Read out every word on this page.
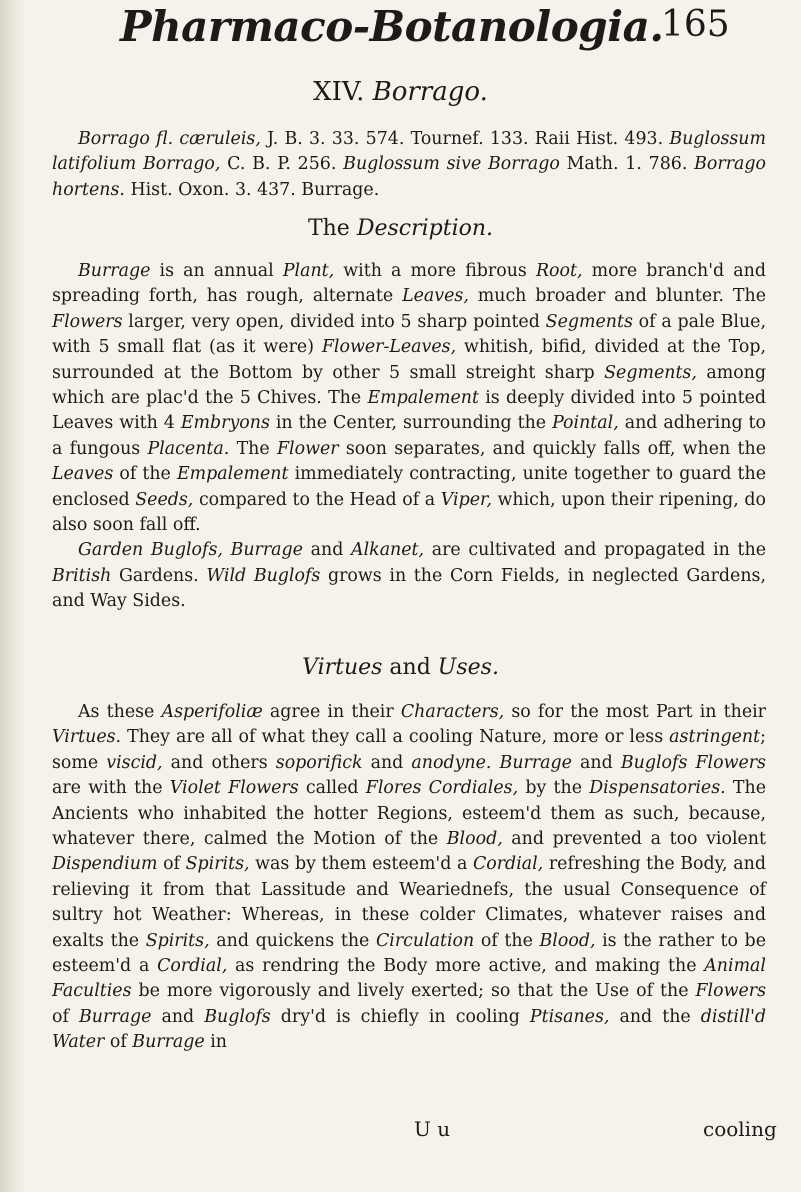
Pharmaco-Botanologia.
165
XIV. Borrago.

Borrago fl. cæruleis, J. B. 3. 33. 574. Tournef. 133. Raii Hist. 493. Buglossum latifolium Borrago, C. B. P. 256. Buglossum sive Borrago Math. 1. 786. Borrago hortens. Hist. Oxon. 3. 437. Burrage.

The Description.

Burrage is an annual Plant, with a more fibrous Root, more branch'd and spreading forth, has rough, alternate Leaves, much broader and blunter. The Flowers larger, very open, divided into 5 sharp pointed Segments of a pale Blue, with 5 small flat (as it were) Flower-Leaves, whitish, bifid, divided at the Top, surrounded at the Bottom by other 5 small streight sharp Segments, among which are plac'd the 5 Chives. The Empalement is deeply divided into 5 pointed Leaves with 4 Embryons in the Center, surrounding the Pointal, and adhering to a fungous Placenta. The Flower soon separates, and quickly falls off, when the Leaves of the Empalement immediately contracting, unite together to guard the enclosed Seeds, compared to the Head of a Viper, which, upon their ripening, do also soon fall off.

Garden Buglofs, Burrage and Alkanet, are cultivated and propagated in the British Gardens. Wild Buglofs grows in the Corn Fields, in neglected Gardens, and Way Sides.

Virtues and Uses.

As these Asperifoliæ agree in their Characters, so for the most Part in their Virtues. They are all of what they call a cooling Nature, more or less astringent; some viscid, and others soporifick and anodyne. Burrage and Buglofs Flowers are with the Violet Flowers called Flores Cordiales, by the Dispensatories. The Ancients who inhabited the hotter Regions, esteem'd them as such, because, whatever there, calmed the Motion of the Blood, and prevented a too violent Dispendium of Spirits, was by them esteem'd a Cordial, refreshing the Body, and relieving it from that Lassitude and Weariednefs, the usual Consequence of sultry hot Weather: Whereas, in these colder Climates, whatever raises and exalts the Spirits, and quickens the Circulation of the Blood, is the rather to be esteem'd a Cordial, as rendring the Body more active, and making the Animal Faculties be more vigorously and lively exerted; so that the Use of the Flowers of Burrage and Buglofs dry'd is chiefly in cooling Ptisanes, and the distill'd Water of Burrage in

U u	cooling
